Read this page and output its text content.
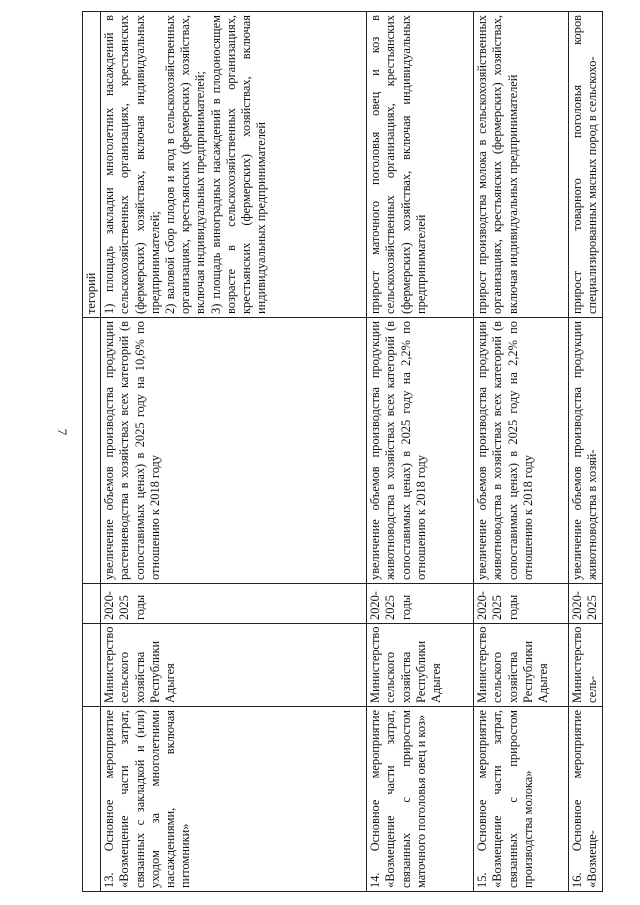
7
				тегорий
13. Основное мероприятие «Возмещение части затрат, связанных с закладкой и (или) уходом за многолетними насаждениями, включая питомники»	Министерство сельского хозяйства Республики Адыгея	2020-2025 годы	увеличение объемов производства продукции растениеводства в хозяйствах всех категорий (в сопоставимых ценах) в 2025 году на 10,6% по отношению к 2018 году	1) площадь закладки многолетних насаждений в сельскохозяйственных организациях, крестьянских (фермерских) хозяйствах, включая индивидуальных предпринимателей; 2) валовой сбор плодов и ягод в сельскохозяйственных организациях, крестьянских (фермерских) хозяйствах, включая индивидуальных предпринимателей; 3) площадь виноградных насаждений в плодоносящем возрасте в сельскохозяйственных организациях, крестьянских (фермерских) хозяйствах, включая индивидуальных предпринимателей

14. Основное мероприятие «Возмещение части затрат, связанных с приростом маточного поголовья овец и коз»	Министерство сельского хозяйства Республики Адыгея	2020-2025 годы	увеличение объемов производства продукции животноводства в хозяйствах всех категорий (в сопоставимых ценах) в 2025 году на 2,2% по отношению к 2018 году	прирост маточного поголовья овец и коз в сельскохозяйственных организациях, крестьянских (фермерских) хозяйствах, включая индивидуальных предпринимателей
15. Основное мероприятие «Возмещение части затрат, связанных с приростом производства молока»	Министерство сельского хозяйства Республики Адыгея	2020-2025 годы	увеличение объемов производства продукции животноводства в хозяйствах всех категорий (в сопоставимых ценах) в 2025 году на 2,2% по отношению к 2018 году	прирост производства молока в сельскохозяйственных организациях, крестьянских (фермерских) хозяйствах, включая индивидуальных предпринимателей
16. Основное мероприятие «Возмеще-	Министерство сель-	2020-2025	увеличение объемов производства продукции животноводства в хозяй-	прирост товарного поголовья коров специализированных мясных пород в сельскохо-
